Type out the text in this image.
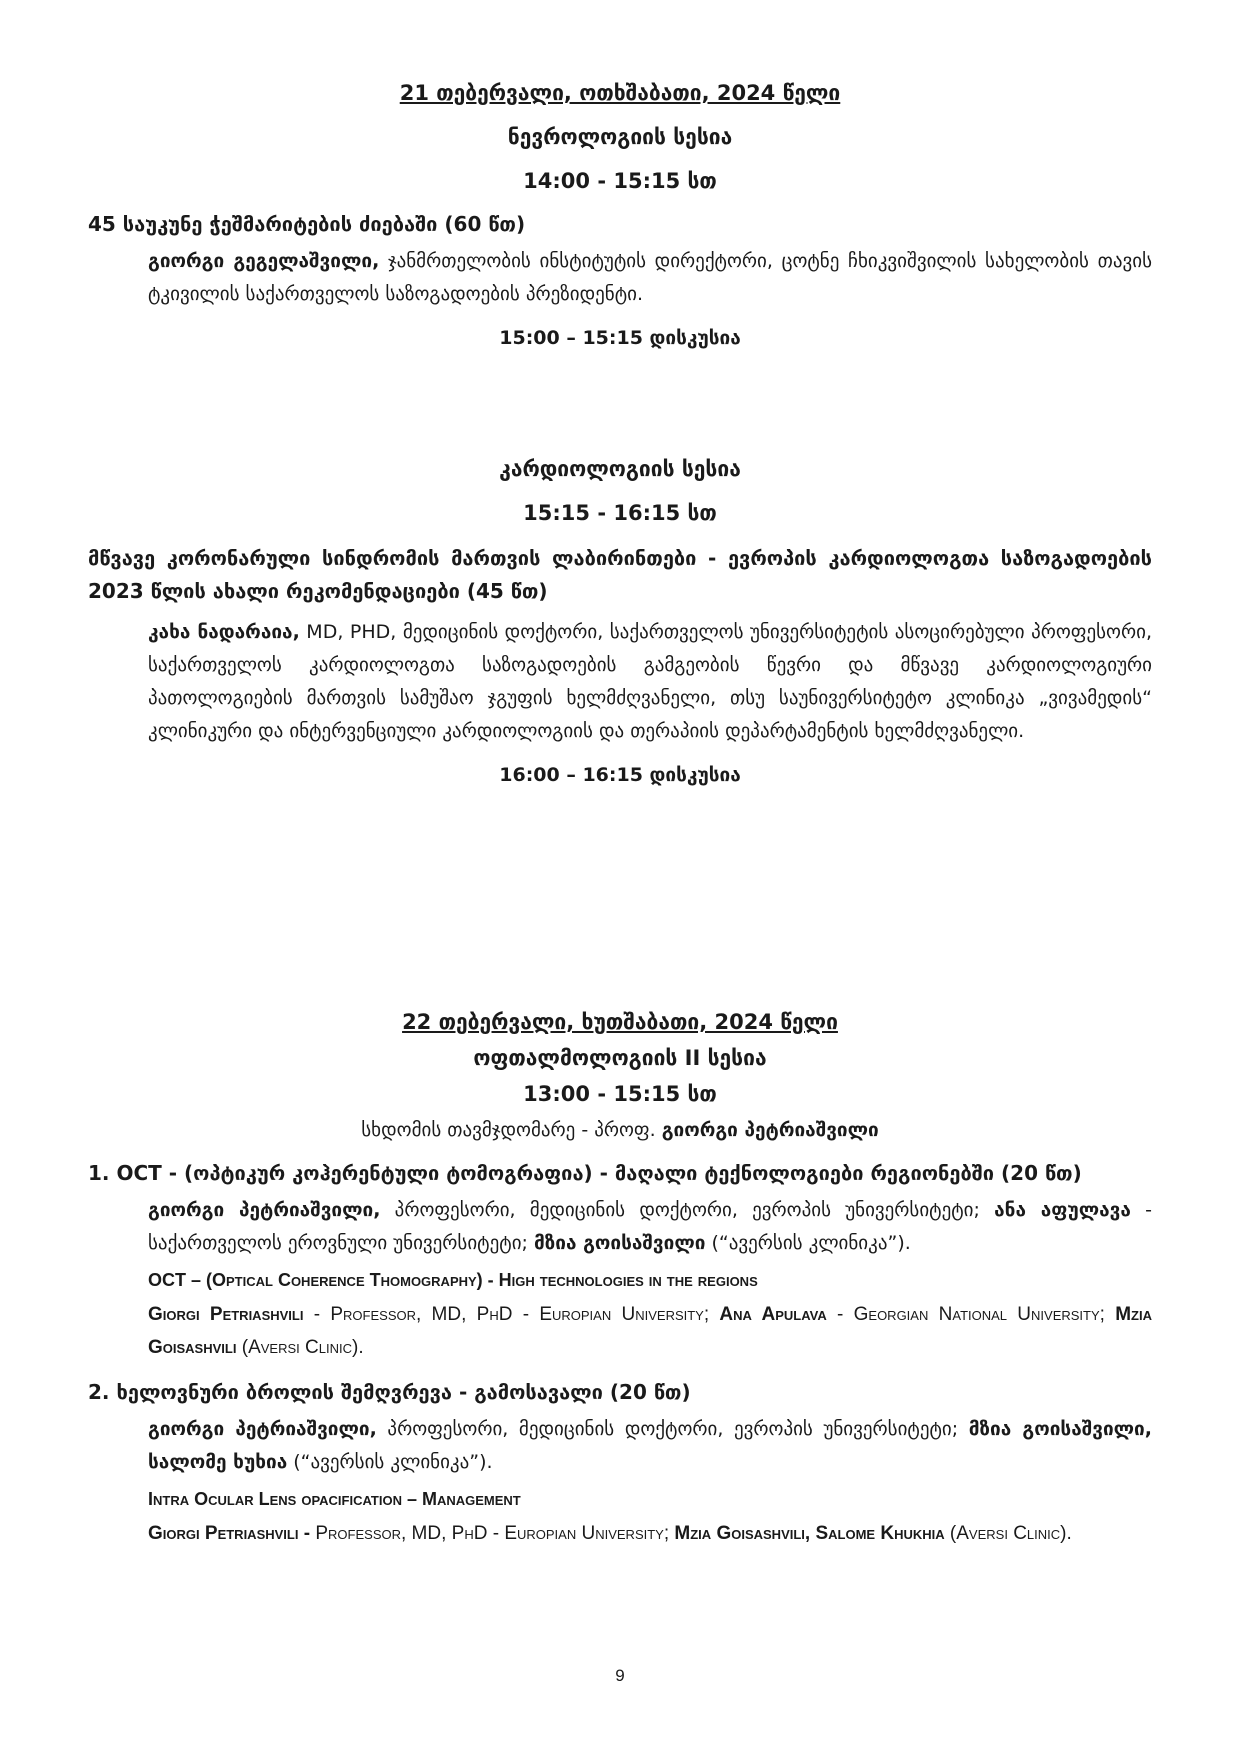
21 თებერვალი, ოთხშაბათი, 2024 წელი

ნევროლოგიის სესია

14:00 - 15:15 სთ

45 საუკუნე ჭეშმარიტების ძიებაში (60 წთ)

გიორგი გეგელაშვილი, ჯანმრთელობის ინსტიტუტის დირექტორი, ცოტნე ჩხიკვიშვილის სახელობის თავის ტკივილის საქართველოს საზოგადოების პრეზიდენტი.

15:00 – 15:15 დისკუსია

კარდიოლოგიის სესია

15:15 - 16:15 სთ

მწვავე კორონარული სინდრომის მართვის ლაბირინთები - ევროპის კარდიოლოგთა საზოგადოების 2023 წლის ახალი რეკომენდაციები (45 წთ)

კახა ნადარაია, MD, PHD, მედიცინის დოქტორი, საქართველოს უნივერსიტეტის ასოცირებული პროფესორი, საქართველოს კარდიოლოგთა საზოგადოების გამგეობის წევრი და მწვავე კარდიოლოგიური პათოლოგიების მართვის სამუშაო ჯგუფის ხელმძღვანელი, თსუ საუნივერსიტეტო კლინიკა „ვივამედის“ კლინიკური და ინტერვენციული კარდიოლოგიის და თერაპიის დეპარტამენტის ხელმძღვანელი.

16:00 – 16:15 დისკუსია

22 თებერვალი, ხუთშაბათი, 2024 წელი

ოფთალმოლოგიის II სესია

13:00 - 15:15 სთ

სხდომის თავმჯდომარე - პროფ. გიორგი პეტრიაშვილი

1. OCT - (ოპტიკურ კოჰერენტული ტომოგრაფია) - მაღალი ტექნოლოგიები რეგიონებში (20 წთ)

გიორგი პეტრიაშვილი, პროფესორი, მედიცინის დოქტორი, ევროპის უნივერსიტეტი; ანა აფულავა - საქართველოს ეროვნული უნივერსიტეტი; მზია გოისაშვილი (“ავერსის კლინიკა”).

OCT – (Optical Coherence Thomography) - High technologies in the regions

Giorgi Petriashvili - Professor, MD, PhD - Europian University; Ana Apulava - Georgian National University; Mzia Goisashvili (Aversi Clinic).

2. ხელოვნური ბროლის შემღვრევა - გამოსავალი (20 წთ)

გიორგი პეტრიაშვილი, პროფესორი, მედიცინის დოქტორი, ევროპის უნივერსიტეტი; მზია გოისაშვილი, სალომე ხუხია (“ავერსის კლინიკა”).

Intra Ocular Lens opacification – Management

Giorgi Petriashvili - Professor, MD, PhD - Europian University; Mzia Goisashvili, Salome Khukhia (Aversi Clinic).

9
